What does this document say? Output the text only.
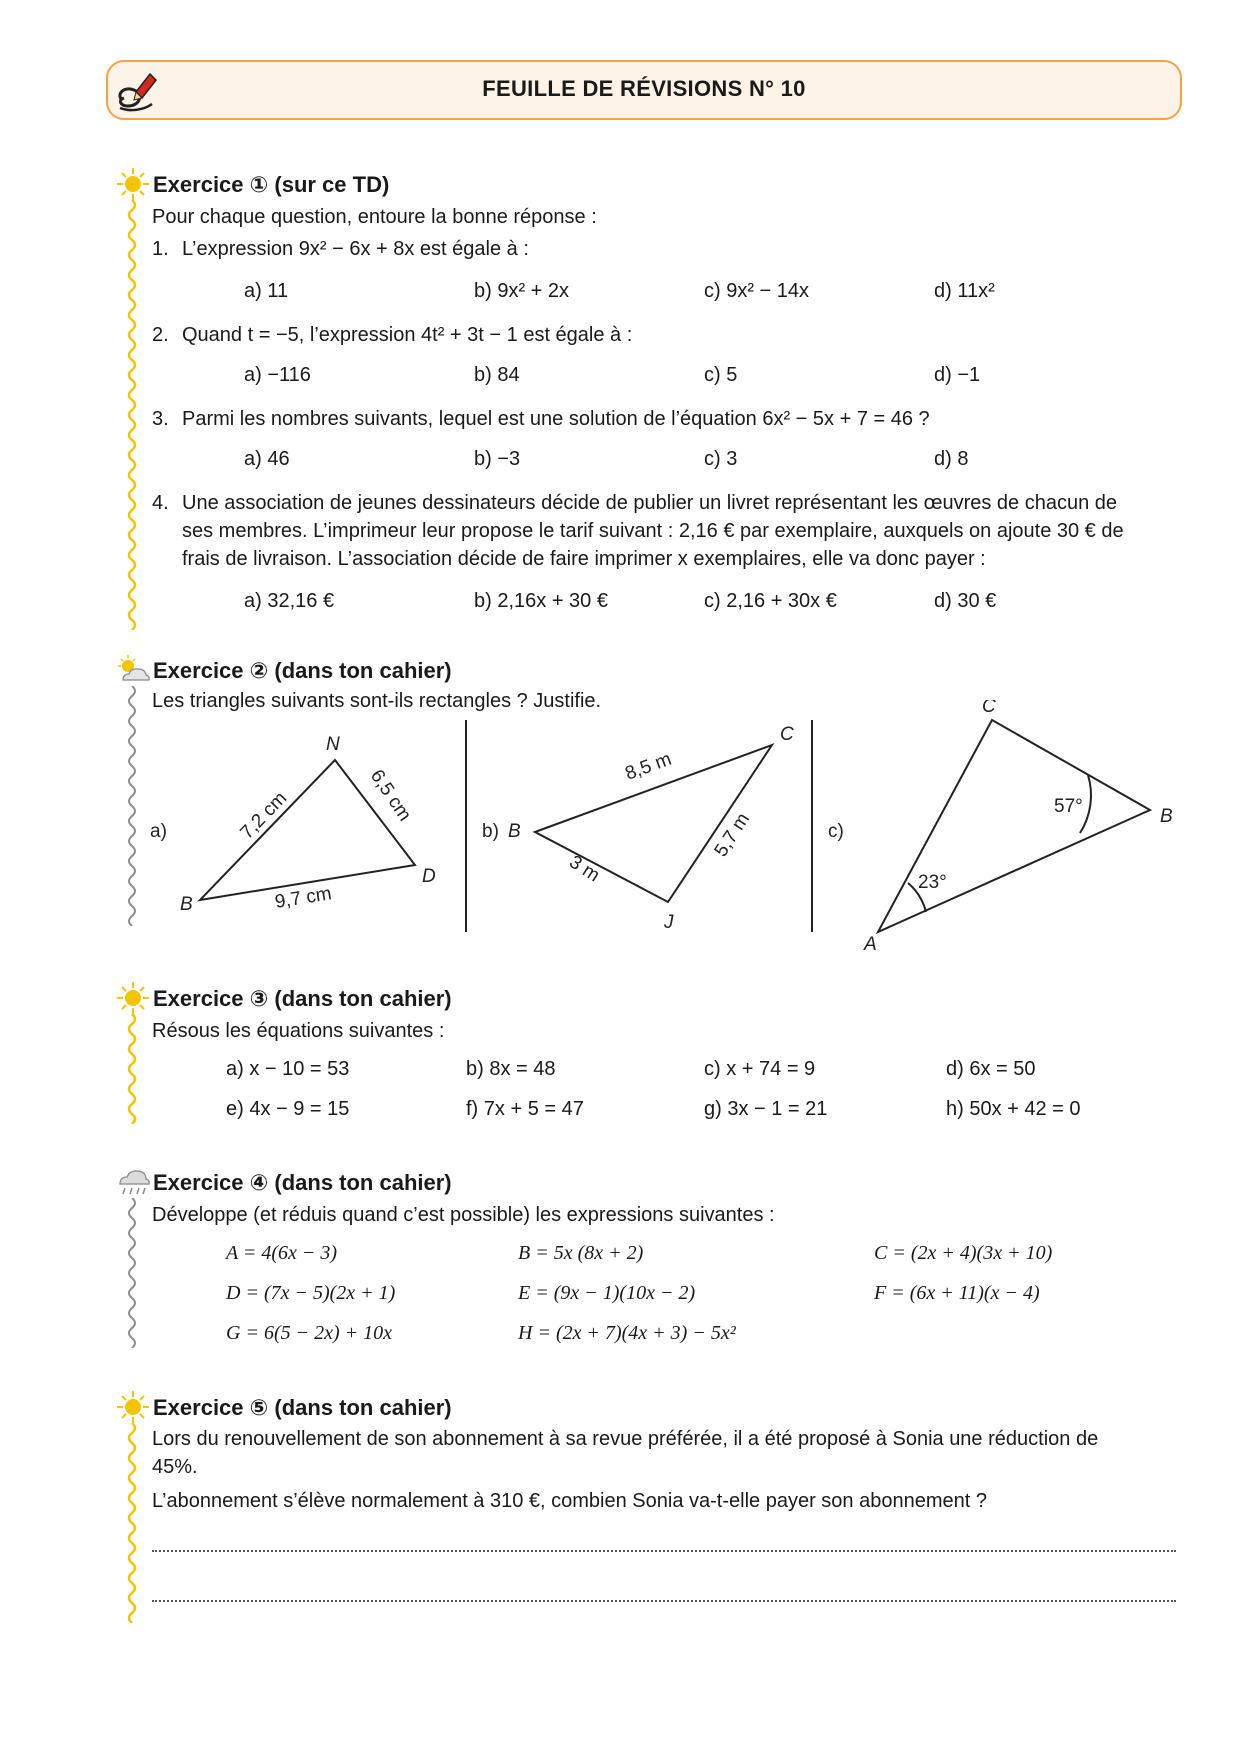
FEUILLE DE RÉVISIONS N° 10
Exercice ① (sur ce TD)
Pour chaque question, entoure la bonne réponse :
1. L’expression 9x² − 6x + 8x est égale à :
a) 11	b) 9x² + 2x	c) 9x² − 14x	d) 11x²
2. Quand t = −5, l’expression 4t² + 3t − 1 est égale à :
a) −116	b) 84	c) 5	d) −1
3. Parmi les nombres suivants, lequel est une solution de l’équation 6x² − 5x + 7 = 46 ?
a) 46	b) −3	c) 3	d) 8
4. Une association de jeunes dessinateurs décide de publier un livret représentant les œuvres de chacun de
ses membres. L’imprimeur leur propose le tarif suivant : 2,16 € par exemplaire, auxquels on ajoute 30 € de
frais de livraison. L’association décide de faire imprimer x exemplaires, elle va donc payer :
a) 32,16 €	b) 2,16x + 30 €	c) 2,16 + 30x €	d) 30 €
Exercice ② (dans ton cahier)
Les triangles suivants sont-ils rectangles ? Justifie.
a)
N
B
D
7,2 cm	6,5 cm
9,7 cm
b) B
C
J
8,5 m
3 m
5,7 m	c)
C
B
A
57°
23°
Exercice ③ (dans ton cahier)
Résous les équations suivantes :
a) x − 10 = 53	b) 8x = 48	c) x + 74 = 9	d) 6x = 50
e) 4x − 9 = 15	f) 7x + 5 = 47	g) 3x − 1 = 21	h) 50x + 42 = 0
Exercice ④ (dans ton cahier)
Développe (et réduis quand c’est possible) les expressions suivantes :
A = 4(6x − 3)	B = 5x (8x + 2)	C = (2x + 4)(3x + 10)
D = (7x − 5)(2x + 1)	E = (9x − 1)(10x − 2)	F = (6x + 11)(x − 4)
G = 6(5 − 2x) + 10x	H = (2x + 7)(4x + 3) − 5x²
Exercice ⑤ (dans ton cahier)
Lors du renouvellement de son abonnement à sa revue préférée, il a été proposé à Sonia une réduction de
45%.
L’abonnement s’élève normalement à 310 €, combien Sonia va-t-elle payer son abonnement ?
